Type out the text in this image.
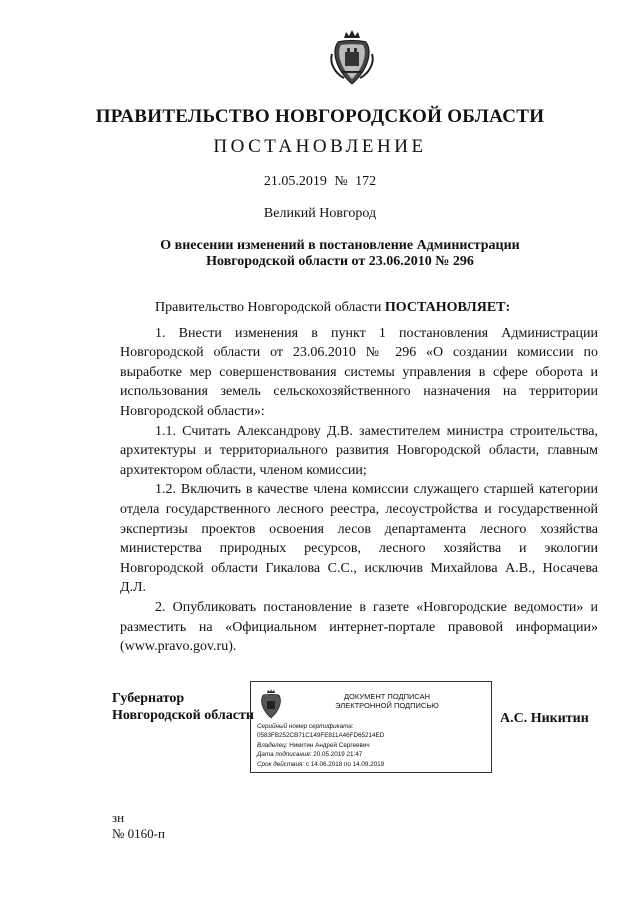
ПРАВИТЕЛЬСТВО НОВГОРОДСКОЙ ОБЛАСТИ
ПОСТАНОВЛЕНИЕ
21.05.2019 № 172
Великий Новгород
О внесении изменений в постановление Администрации
Новгородской области от 23.06.2010 № 296

Правительство Новгородской области ПОСТАНОВЛЯЕТ:

1. Внести изменения в пункт 1 постановления Администрации Новгородской области от 23.06.2010 № 296 «О создании комиссии по выработке мер совершенствования системы управления в сфере оборота и использования земель сельскохозяйственного назначения на территории Новгородской области»:

1.1. Считать Александрову Д.В. заместителем министра строительства, архитектуры и территориального развития Новгородской области, главным архитектором области, членом комиссии;

1.2. Включить в качестве члена комиссии служащего старшей категории отдела государственного лесного реестра, лесоустройства и государственной экспертизы проектов освоения лесов департамента лесного хозяйства министерства природных ресурсов, лесного хозяйства и экологии Новгородской области Гикалова С.С., исключив Михайлова А.В., Носачева Д.Л.

2. Опубликовать постановление в газете «Новгородские ведомости» и разместить на «Официальном интернет-портале правовой информации» (www.pravo.gov.ru).

Губернатор
Новгородской области
ДОКУМЕНТ ПОДПИСАН
ЭЛЕКТРОННОЙ ПОДПИСЬЮ
Серийный номер сертификата:
0583FB252CB71C149FE811A46FD65214ED
Владелец: Никитин Андрей Сергеевич
Дата подписания: 20.05.2019 21:47
Срок действия: с 14.06.2018 по 14.09.2019
А.С. Никитин
зн
№ 0160-п
